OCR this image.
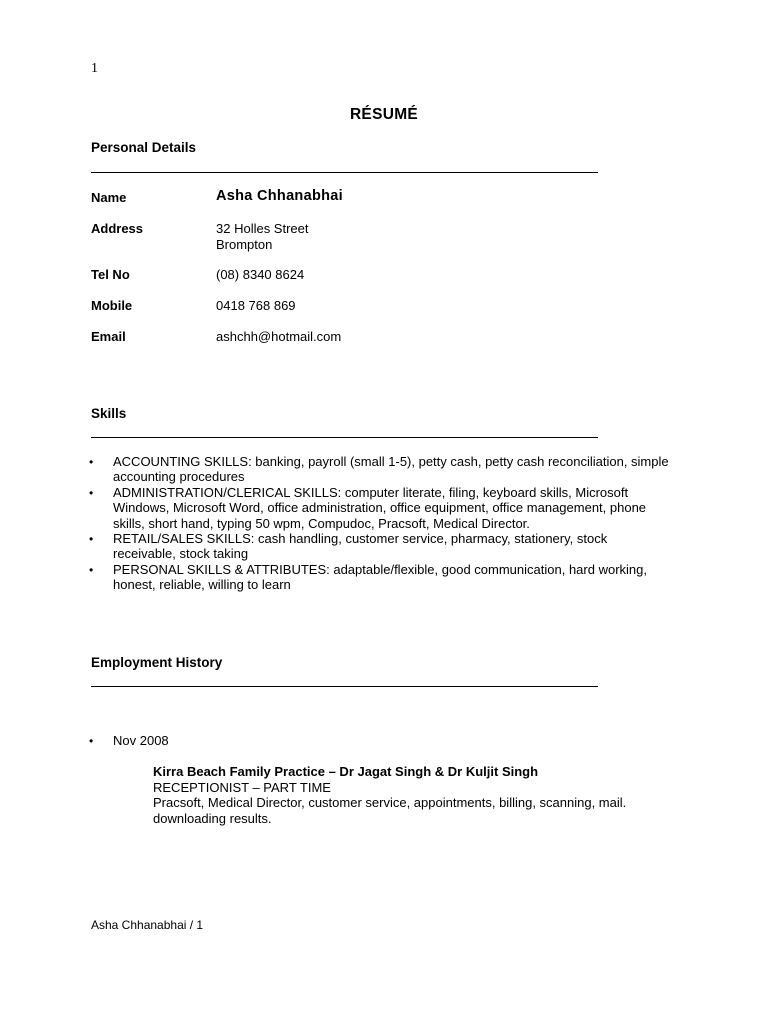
1
RÉSUMÉ
Personal Details
Name	Asha Chhanabhai
Address	32 Holles Street
Brompton
Tel No	(08) 8340 8624
Mobile	0418 768 869
Email	ashchh@hotmail.com
Skills
• ACCOUNTING SKILLS: banking, payroll (small 1-5), petty cash, petty cash reconciliation, simple accounting procedures
• ADMINISTRATION/CLERICAL SKILLS: computer literate, filing, keyboard skills, Microsoft Windows, Microsoft Word, office administration, office equipment, office management, phone skills, short hand, typing 50 wpm, Compudoc, Pracsoft, Medical Director.
• RETAIL/SALES SKILLS: cash handling, customer service, pharmacy, stationery, stock receivable, stock taking
• PERSONAL SKILLS & ATTRIBUTES: adaptable/flexible, good communication, hard working, honest, reliable, willing to learn
Employment History
• Nov 2008
Kirra Beach Family Practice – Dr Jagat Singh & Dr Kuljit Singh
RECEPTIONIST – PART TIME
Pracsoft, Medical Director, customer service, appointments, billing, scanning, mail.
downloading results.
Asha Chhanabhai / 1
